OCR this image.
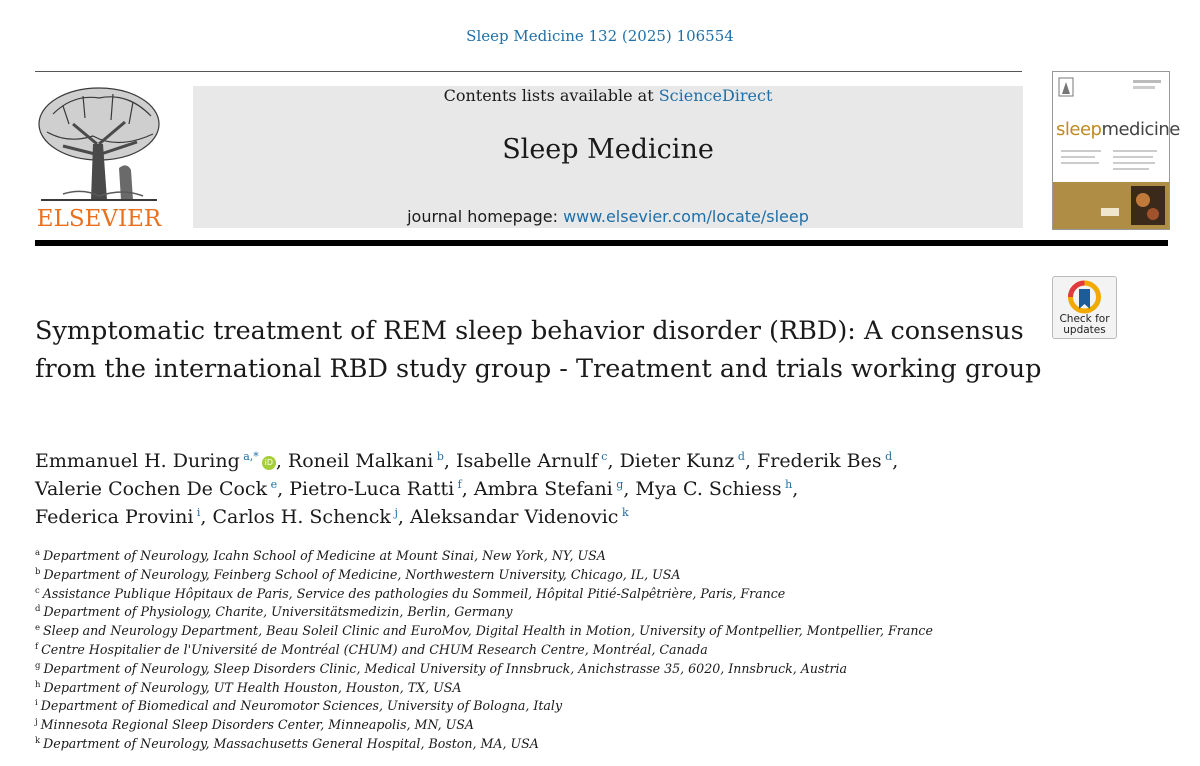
Sleep Medicine 132 (2025) 106554
ELSEVIER
Contents lists available at ScienceDirect
Sleep Medicine
journal homepage: www.elsevier.com/locate/sleep
sleepmedicine
Check for
updates
Symptomatic treatment of REM sleep behavior disorder (RBD): A consensus from the international RBD study group - Treatment and trials working group
Emmanuel H. During $^{a,*}$ iD , Roneil Malkani $^b$, Isabelle Arnulf $^c$, Dieter Kunz $^d$, Frederik Bes $^d$,
Valerie Cochen De Cock $^e$, Pietro-Luca Ratti $^f$, Ambra Stefani $^g$, Mya C. Schiess $^h$,
Federica Provini $^i$, Carlos H. Schenck $^j$, Aleksandar Videnovic $^k$
$^a$ Department of Neurology, Icahn School of Medicine at Mount Sinai, New York, NY, USA
$^b$ Department of Neurology, Feinberg School of Medicine, Northwestern University, Chicago, IL, USA
$^c$ Assistance Publique Hôpitaux de Paris, Service des pathologies du Sommeil, Hôpital Pitié-Salpêtrière, Paris, France
$^d$ Department of Physiology, Charite, Universitätsmedizin, Berlin, Germany
$^e$ Sleep and Neurology Department, Beau Soleil Clinic and EuroMov, Digital Health in Motion, University of Montpellier, Montpellier, France
$^f$ Centre Hospitalier de l'Université de Montréal (CHUM) and CHUM Research Centre, Montréal, Canada
$^g$ Department of Neurology, Sleep Disorders Clinic, Medical University of Innsbruck, Anichstrasse 35, 6020, Innsbruck, Austria
$^h$ Department of Neurology, UT Health Houston, Houston, TX, USA
$^i$ Department of Biomedical and Neuromotor Sciences, University of Bologna, Italy
$^j$ Minnesota Regional Sleep Disorders Center, Minneapolis, MN, USA
$^k$ Department of Neurology, Massachusetts General Hospital, Boston, MA, USA
